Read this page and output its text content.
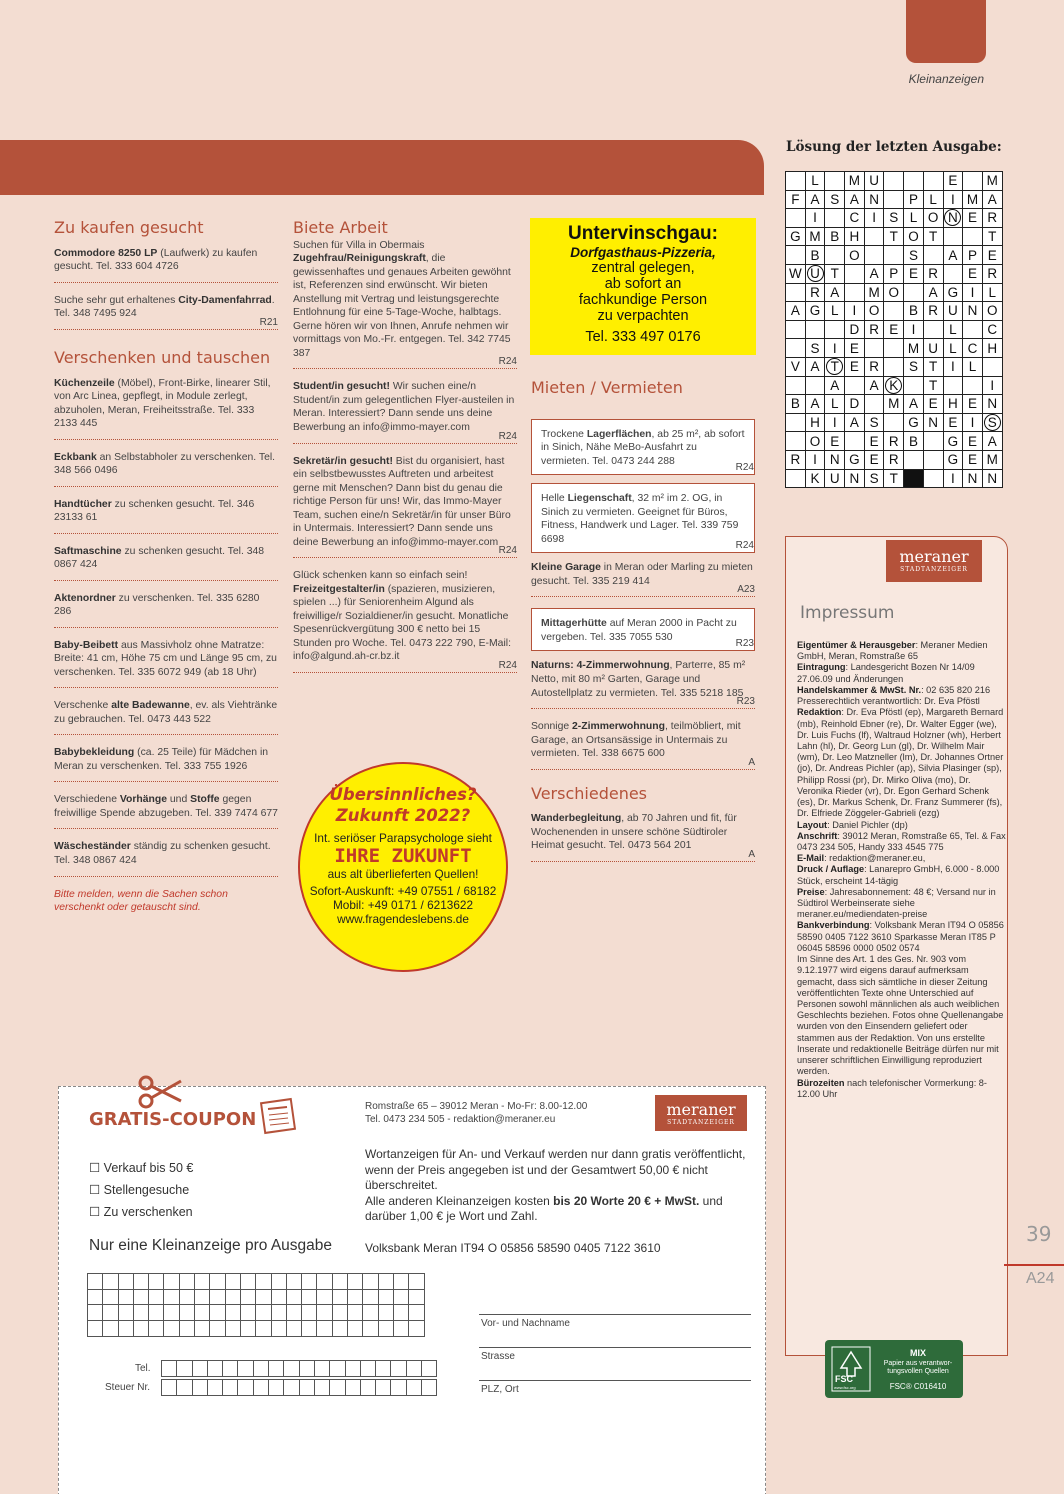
Kleinanzeigen
Zu kaufen gesucht
Commodore 8250 LP (Laufwerk) zu kaufen gesucht. Tel. 333 604 4726
Suche sehr gut erhaltenes City-Damenfahrrad. Tel. 348 7495 924
R21
Verschenken und tauschen
Küchenzeile (Möbel), Front-Birke, linearer Stil, von Arc Linea, gepflegt, in Module zerlegt, abzuholen, Meran, Freiheitsstraße. Tel. 333 2133 445
Eckbank an Selbstabholer zu verschenken. Tel. 348 566 0496
Handtücher zu schenken gesucht. Tel. 346 23133 61
Saftmaschine zu schenken gesucht. Tel. 348 0867 424
Aktenordner zu verschenken. Tel. 335 6280 286
Baby-Beibett aus Massivholz ohne Matratze: Breite: 41 cm, Höhe 75 cm und Länge 95 cm, zu verschenken. Tel. 335 6072 949 (ab 18 Uhr)
Verschenke alte Badewanne, ev. als Viehtränke zu gebrauchen. Tel. 0473 443 522
Babybekleidung (ca. 25 Teile) für Mädchen in Meran zu verschenken. Tel. 333 755 1926
Verschiedene Vorhänge und Stoffe gegen freiwillige Spende abzugeben. Tel. 339 7474 677
Wäscheständer ständig zu schenken gesucht. Tel. 348 0867 424
Bitte melden, wenn die Sachen schon verschenkt oder getauscht sind.
Biete Arbeit
Suchen für Villa in Obermais Zugehfrau/Reinigungskraft, die gewissenhaftes und genaues Arbeiten gewöhnt ist, Referenzen sind erwünscht. Wir bieten Anstellung mit Vertrag und leistungsgerechte Entlohnung für eine 5-Tage-Woche, halbtags. Gerne hören wir von Ihnen, Anrufe nehmen wir vormittags von Mo.-Fr. entgegen. Tel. 342 7745 387
R24
Student/in gesucht! Wir suchen eine/n Student/in zum gelegentlichen Flyer-austeilen in Meran. Interessiert? Dann sende uns deine Bewerbung an info@immo-mayer.com
R24
Sekretär/in gesucht! Bist du organisiert, hast ein selbstbewusstes Auftreten und arbeitest gerne mit Menschen? Dann bist du genau die richtige Person für uns! Wir, das Immo-Mayer Team, suchen eine/n Sekretär/in für unser Büro in Untermais. Interessiert? Dann sende uns deine Bewerbung an info@immo-mayer.com
R24
Glück schenken kann so einfach sein! Freizeitgestalter/in (spazieren, musizieren, spielen ...) für Seniorenheim Algund als freiwillige/r Sozialdiener/in gesucht. Monatliche Spesenrückvergütung 300 € netto bei 15 Stunden pro Woche. Tel. 0473 222 790, E-Mail: info@algund.ah-cr.bz.it
R24
Untervinschgau:
Dorfgasthaus-Pizzeria,
zentral gelegen,
ab sofort an
fachkundige Person
zu verpachten
Tel. 333 497 0176
Übersinnliches?
Zukunft 2022?
Int. seriöser Parapsychologe sieht
IHRE ZUKUNFT
aus alt überlieferten Quellen!
Sofort-Auskunft: +49 07551 / 68182
Mobil: +49 0171 / 6213622
www.fragendeslebens.de
Mieten / Vermieten
Trockene Lagerflächen, ab 25 m², ab sofort in Sinich, Nähe MeBo-Ausfahrt zu vermieten. Tel. 0473 244 288
R24
Helle Liegenschaft, 32 m² im 2. OG, in Sinich zu vermieten. Geeignet für Büros, Fitness, Handwerk und Lager. Tel. 339 759 6698
R24
Kleine Garage in Meran oder Marling zu mieten gesucht. Tel. 335 219 414
A23
Mittagerhütte auf Meran 2000 in Pacht zu vergeben. Tel. 335 7055 530
R23
Naturns: 4-Zimmerwohnung, Parterre, 85 m² Netto, mit 80 m² Garten, Garage und Autostellplatz zu vermieten. Tel. 335 5218 185
R23
Sonnige 2-Zimmerwohnung, teilmöbliert, mit Garage, an Ortsansässige in Untermais zu vermieten. Tel. 338 6675 600
A
Verschiedenes
Wanderbegleitung, ab 70 Jahren und fit, für Wochenenden in unsere schöne Südtiroler Heimat gesucht. Tel. 0473 564 201
A
Lösung der letzten Ausgabe:
	L		M	U				E		M
F	A	S	A	N		P	L	I	M	A
	I		C	I	S	L	O	N	E	R
G	M	B	H		T	O	T			T
	B		O			S		A	P	E
W	U	T		A	P	E	R		E	R
	R	A		M	O		A	G	I	L
A	G	L	I	O		B	R	U	N	O
			D	R	E	I		L		C
	S	I	E			M	U	L	C	H
V	A	T	E	R		S	T	I	L	
		A		A	K		T			I
B	A	L	D		M	A	E	H	E	N
	H	I	A	S		G	N	E	I	S
	O	E		E	R	B		G	E	A
R	I	N	G	E	R			G	E	M
	K	U	N	S	T			I	N	N
meraner
STADTANZEIGER
Impressum
Eigentümer & Herausgeber: Meraner Medien GmbH, Meran, Romstraße 65
Eintragung: Landesgericht Bozen Nr 14/09 27.06.09 und Änderungen
Handelskammer & MwSt. Nr.: 02 635 820 216
Presserechtlich verantwortlich: Dr. Eva Pföstl
Redaktion: Dr. Eva Pföstl (ep), Margareth Bernard (mb), Reinhold Ebner (re), Dr. Walter Egger (we), Dr. Luis Fuchs (lf), Waltraud Holzner (wh), Herbert Lahn (hl), Dr. Georg Lun (gl), Dr. Wilhelm Mair (wm), Dr. Leo Matzneller (lm), Dr. Johannes Ortner (jo), Dr. Andreas Pichler (ap), Silvia Plasinger (sp), Philipp Rossi (pr), Dr. Mirko Oliva (mo), Dr. Veronika Rieder (vr), Dr. Egon Gerhard Schenk (es), Dr. Markus Schenk, Dr. Franz Summerer (fs), Dr. Elfriede Zöggeler-Gabrieli (ezg)
Layout: Daniel Pichler (dp)
Anschrift: 39012 Meran, Romstraße 65, Tel. & Fax 0473 234 505, Handy 333 4545 775
E-Mail: redaktion@meraner.eu,
Druck / Auflage: Lanarepro GmbH, 6.000 - 8.000 Stück, erscheint 14-tägig
Preise: Jahresabonnement: 48 €; Versand nur in Südtirol Werbeinserate siehe meraner.eu/mediendaten-preise
Bankverbindung: Volksbank Meran IT94 O 05856 58590 0405 7122 3610 Sparkasse Meran IT85 P 06045 58596 0000 0502 0574
Im Sinne des Art. 1 des Ges. Nr. 903 vom 9.12.1977 wird eigens darauf aufmerksam gemacht, dass sich sämtliche in dieser Zeitung veröffentlichten Texte ohne Unterschied auf Personen sowohl männlichen als auch weiblichen Geschlechts beziehen. Fotos ohne Quellenangabe wurden von den Einsendern geliefert oder stammen aus der Redaktion. Von uns erstellte Inserate und redaktionelle Beiträge dürfen nur mit unserer schriftlichen Einwilligung reproduziert werden.
Bürozeiten nach telefonischer Vormerkung: 8-12.00 Uhr
FSC
www.fsc.org
MIX
Papier aus verantwor-
tungsvollen Quellen
FSC® C016410
39
A24
GRATIS-COUPON
Romstraße 65 – 39012 Meran - Mo-Fr: 8.00-12.00
Tel. 0473 234 505 - redaktion@meraner.eu
meraner
STADTANZEIGER
☐ Verkauf bis 50 €
☐ Stellengesuche
☐ Zu verschenken
Wortanzeigen für An- und Verkauf werden nur dann gratis veröffentlicht, wenn der Preis angegeben ist und der Gesamtwert 50,00 € nicht überschreitet.
Alle anderen Kleinanzeigen kosten bis 20 Worte 20 € + MwSt. und darüber 1,00 € je Wort und Zahl.
Nur eine Kleinanzeige pro Ausgabe	Volksbank Meran IT94 O 05856 58590 0405 7122 3610

Tel.

Steuer Nr.

Vor- und Nachname
Strasse
PLZ, Ort
